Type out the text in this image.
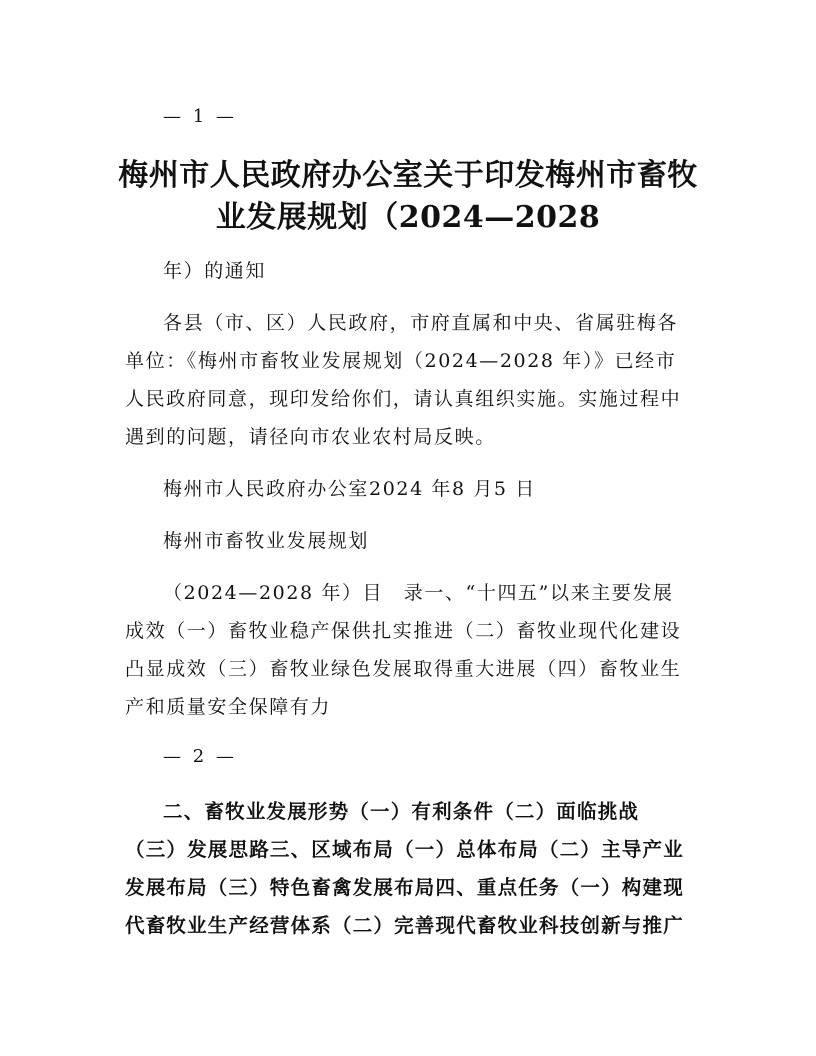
— 1 —
梅州市人民政府办公室关于印发梅州市畜牧
业发展规划（2024—2028
年）的通知
各县（市、区）人民政府，市府直属和中央、省属驻梅各
单位：《梅州市畜牧业发展规划（2024—2028 年）》已经市
人民政府同意，现印发给你们，请认真组织实施。实施过程中
遇到的问题，请径向市农业农村局反映。
梅州市人民政府办公室2024 年8 月5 日
梅州市畜牧业发展规划
（2024—2028 年）目　录一、“十四五”以来主要发展
成效（一）畜牧业稳产保供扎实推进（二）畜牧业现代化建设
凸显成效（三）畜牧业绿色发展取得重大进展（四）畜牧业生
产和质量安全保障有力
— 2 —
二、畜牧业发展形势（一）有利条件（二）面临挑战
（三）发展思路三、区域布局（一）总体布局（二）主导产业
发展布局（三）特色畜禽发展布局四、重点任务（一）构建现
代畜牧业生产经营体系（二）完善现代畜牧业科技创新与推广
